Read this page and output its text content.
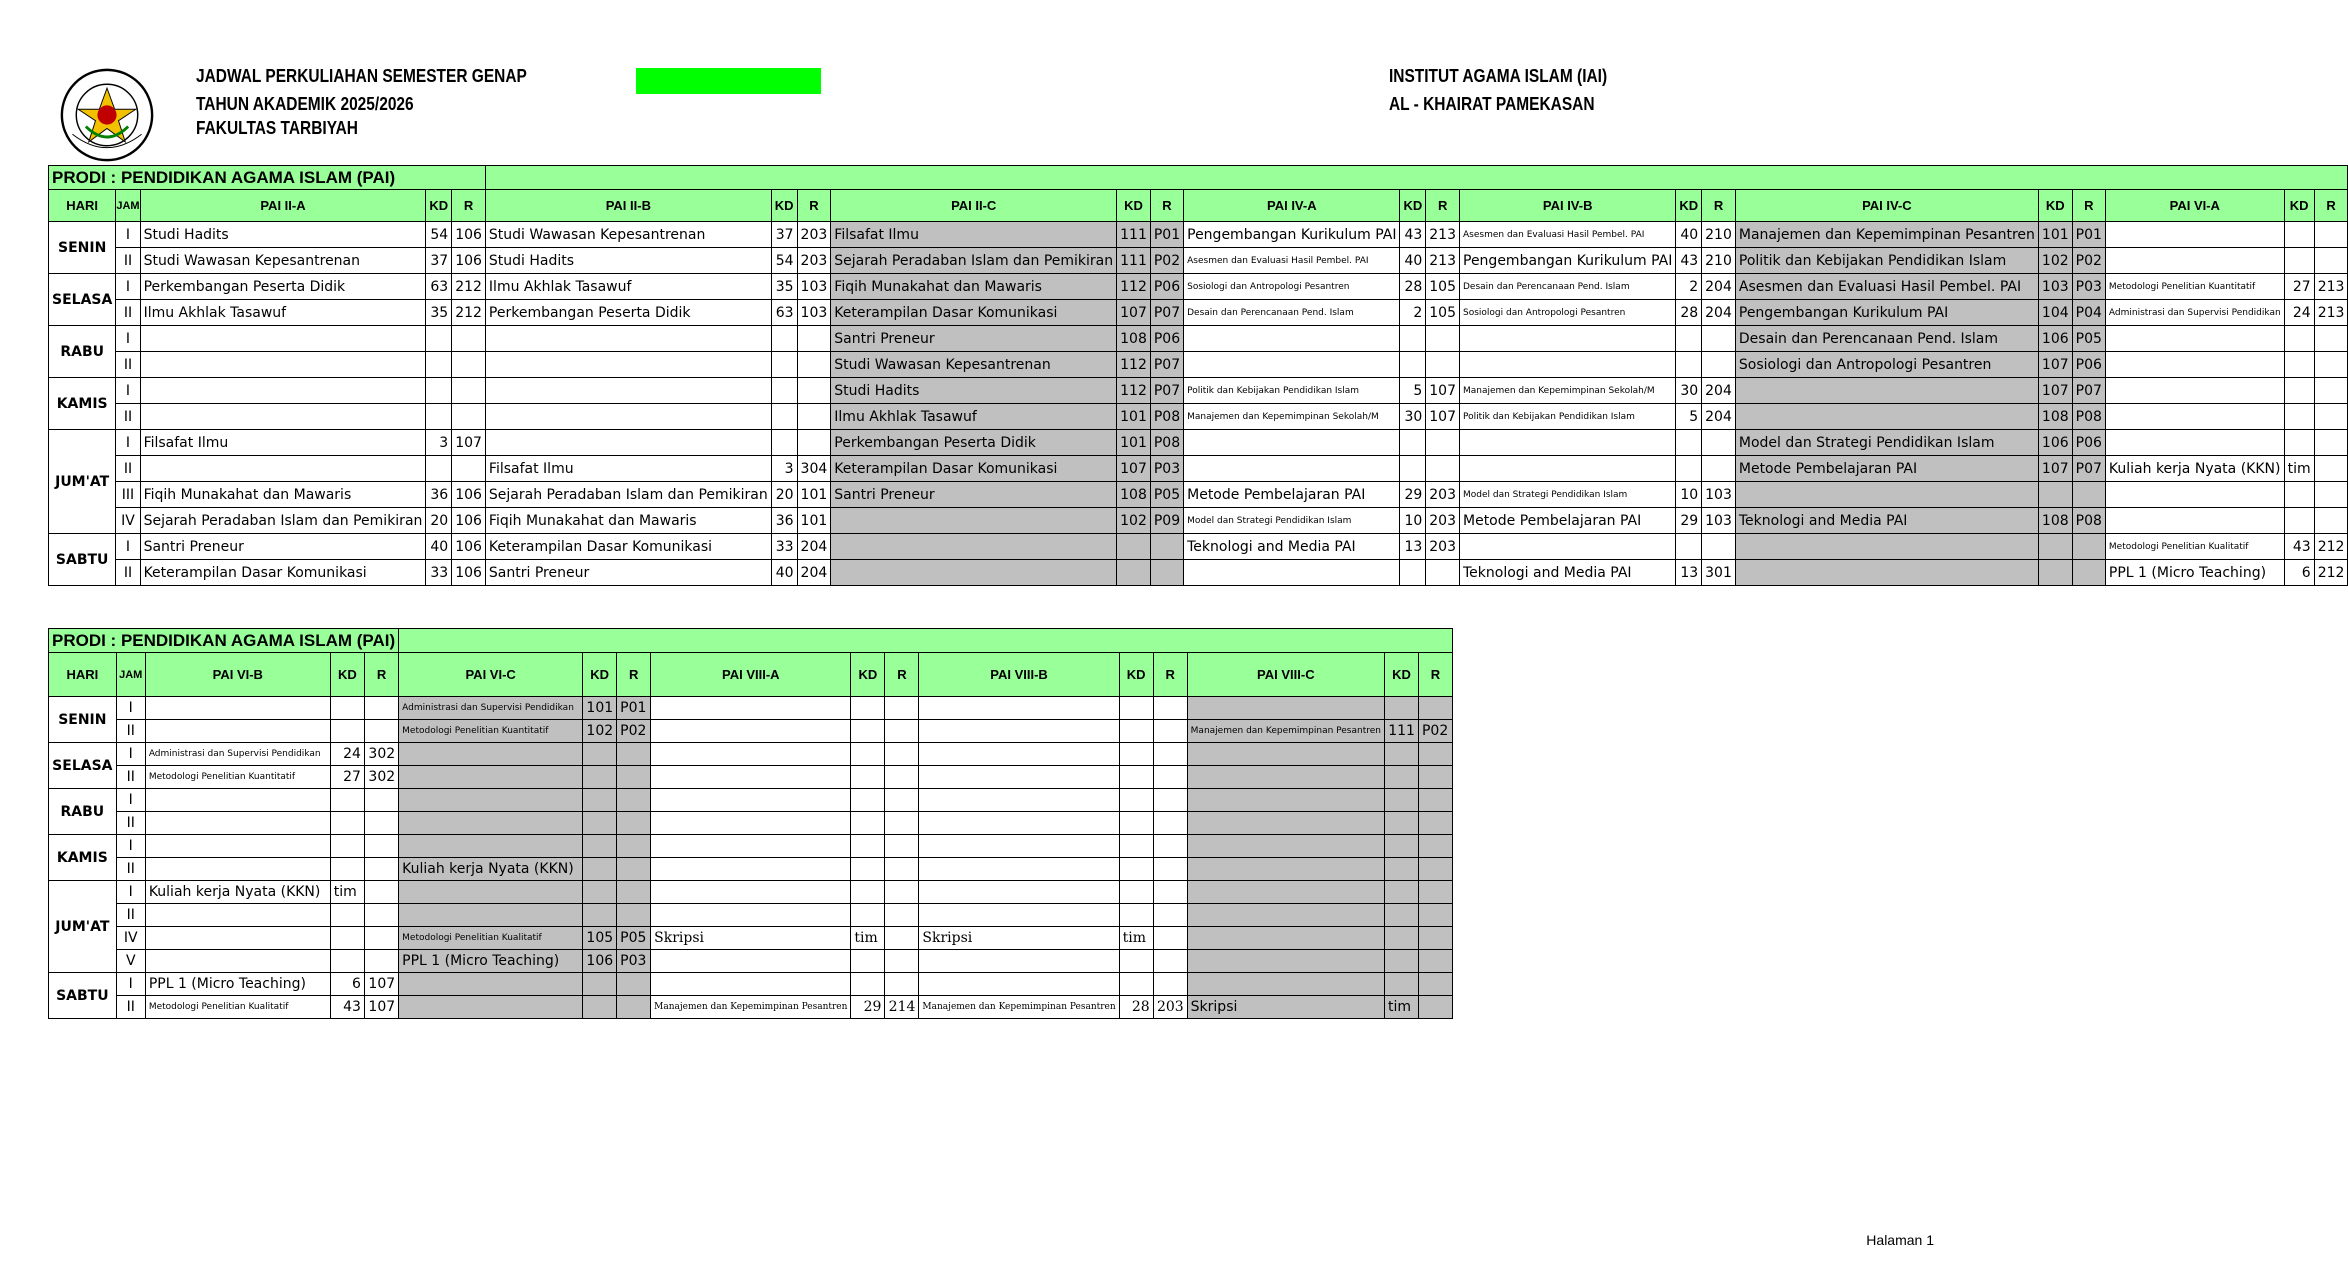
JADWAL PERKULIAHAN SEMESTER GENAP
TAHUN AKADEMIK 2025/2026
FAKULTAS TARBIYAH
INSTITUT AGAMA ISLAM (IAI)
AL - KHAIRAT PAMEKASAN
PRODI : PENDIDIKAN AGAMA ISLAM (PAI)																						
HARI	JAM	PAI II-A	KD	R	PAI II-B	KD	R	PAI II-C	KD	R	PAI IV-A	KD	R	PAI IV-B	KD	R	PAI IV-C	KD	R	PAI VI-A	KD	R
SENIN	I	Studi Hadits	54	106	Studi Wawasan Kepesantrenan	37	203	Filsafat Ilmu	111	P01	Pengembangan Kurikulum PAI	43	213	Asesmen dan Evaluasi Hasil Pembel. PAI	40	210	Manajemen dan Kepemimpinan Pesantren	101	P01			
	II	Studi Wawasan Kepesantrenan	37	106	Studi Hadits	54	203	Sejarah Peradaban Islam dan Pemikiran	111	P02	Asesmen dan Evaluasi Hasil Pembel. PAI	40	213	Pengembangan Kurikulum PAI	43	210	Politik dan Kebijakan Pendidikan Islam	102	P02			
SELASA	I	Perkembangan Peserta Didik	63	212	Ilmu Akhlak Tasawuf	35	103	Fiqih Munakahat dan Mawaris	112	P06	Sosiologi dan Antropologi Pesantren	28	105	Desain dan Perencanaan Pend. Islam	2	204	Asesmen dan Evaluasi Hasil Pembel. PAI	103	P03	Metodologi Penelitian Kuantitatif	27	213
	II	Ilmu Akhlak Tasawuf	35	212	Perkembangan Peserta Didik	63	103	Keterampilan Dasar Komunikasi	107	P07	Desain dan Perencanaan Pend. Islam	2	105	Sosiologi dan Antropologi Pesantren	28	204	Pengembangan Kurikulum PAI	104	P04	Administrasi dan Supervisi Pendidikan	24	213
RABU	I							Santri Preneur	108	P06							Desain dan Perencanaan Pend. Islam	106	P05			
	II							Studi Wawasan Kepesantrenan	112	P07							Sosiologi dan Antropologi Pesantren	107	P06			
KAMIS	I							Studi Hadits	112	P07	Politik dan Kebijakan Pendidikan Islam	5	107	Manajemen dan Kepemimpinan Sekolah/M	30	204		107	P07			
	II							Ilmu Akhlak Tasawuf	101	P08	Manajemen dan Kepemimpinan Sekolah/M	30	107	Politik dan Kebijakan Pendidikan Islam	5	204		108	P08			
JUM'AT	I	Filsafat Ilmu	3	107				Perkembangan Peserta Didik	101	P08							Model dan Strategi Pendidikan Islam	106	P06			
	II				Filsafat Ilmu	3	304	Keterampilan Dasar Komunikasi	107	P03							Metode Pembelajaran PAI	107	P07	Kuliah kerja Nyata (KKN)	tim	
	III	Fiqih Munakahat dan Mawaris	36	106	Sejarah Peradaban Islam dan Pemikiran	20	101	Santri Preneur	108	P05	Metode Pembelajaran PAI	29	203	Model dan Strategi Pendidikan Islam	10	103						
	IV	Sejarah Peradaban Islam dan Pemikiran	20	106	Fiqih Munakahat dan Mawaris	36	101		102	P09	Model dan Strategi Pendidikan Islam	10	203	Metode Pembelajaran PAI	29	103	Teknologi and Media PAI	108	P08			
SABTU	I	Santri Preneur	40	106	Keterampilan Dasar Komunikasi	33	204				Teknologi and Media PAI	13	203							Metodologi Penelitian Kualitatif	43	212
	II	Keterampilan Dasar Komunikasi	33	106	Santri Preneur	40	204							Teknologi and Media PAI	13	301				PPL 1 (Micro Teaching)	6	212
PRODI : PENDIDIKAN AGAMA ISLAM (PAI)																
HARI	JAM	PAI VI-B	KD	R	PAI VI-C	KD	R	PAI VIII-A	KD	R	PAI VIII-B	KD	R	PAI VIII-C	KD	R
SENIN	I				Administrasi dan Supervisi Pendidikan	101	P01									
	II				Metodologi Penelitian Kuantitatif	102	P02							Manajemen dan Kepemimpinan Pesantren	111	P02
SELASA	I	Administrasi dan Supervisi Pendidikan	24	302												
	II	Metodologi Penelitian Kuantitatif	27	302												
RABU	I															
	II															
KAMIS	I															
	II				Kuliah kerja Nyata (KKN)											
JUM'AT	I	Kuliah kerja Nyata (KKN)	tim													
	II															
	IV				Metodologi Penelitian Kualitatif	105	P05	Skripsi	tim		Skripsi	tim				
	V				PPL 1 (Micro Teaching)	106	P03									
SABTU	I	PPL 1 (Micro Teaching)	6	107												
	II	Metodologi Penelitian Kualitatif	43	107				Manajemen dan Kepemimpinan Pesantren	29	214	Manajemen dan Kepemimpinan Pesantren	28	203	Skripsi	tim	
Halaman 1
